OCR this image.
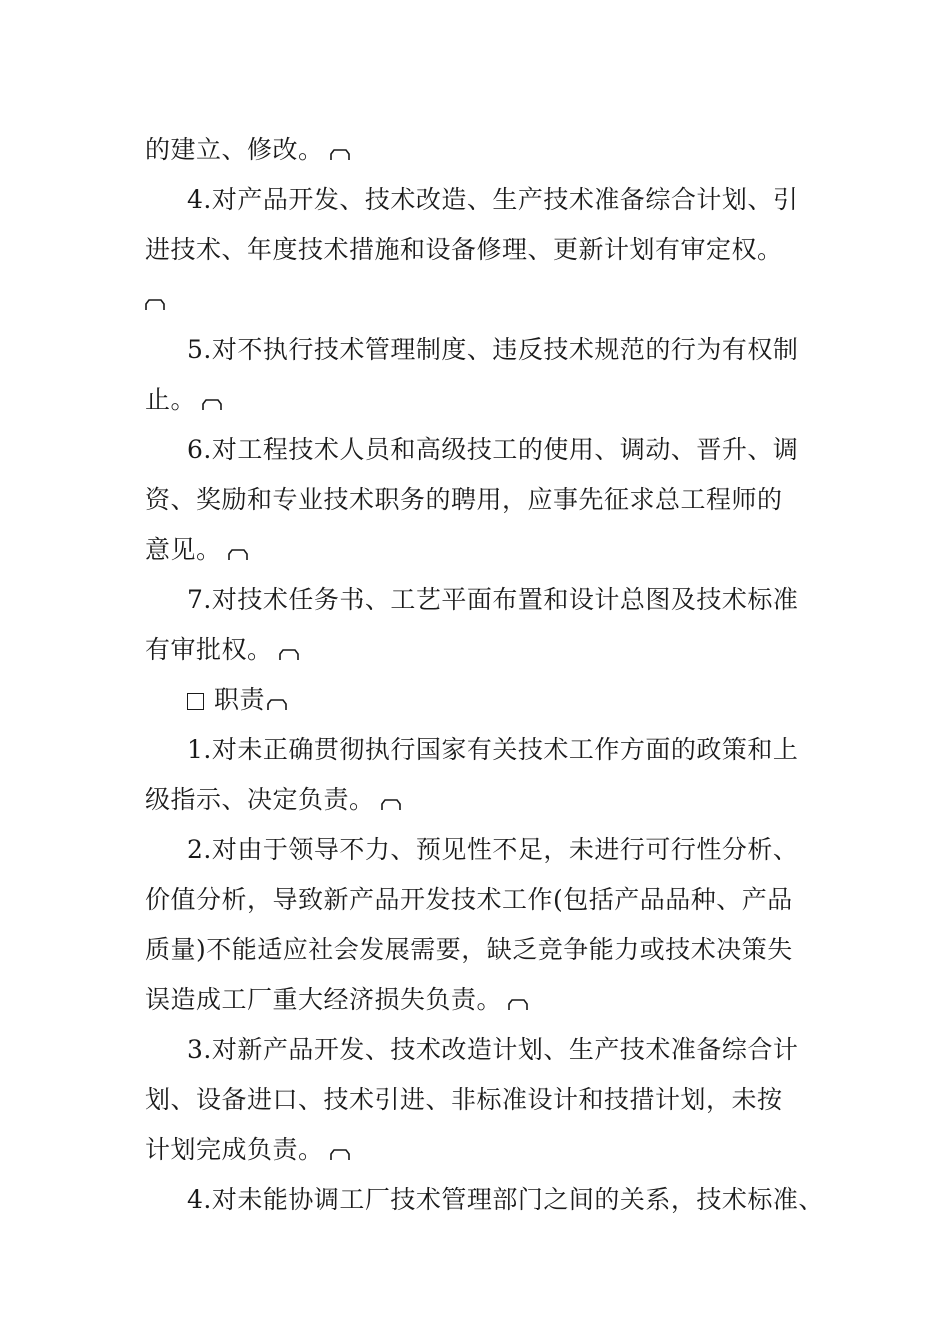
的建立、修改。
4.对产品开发、技术改造、生产技术准备综合计划、引
进技术、年度技术措施和设备修理、更新计划有审定权。
5.对不执行技术管理制度、违反技术规范的行为有权制
止。
6.对工程技术人员和高级技工的使用、调动、晋升、调
资、奖励和专业技术职务的聘用，应事先征求总工程师的
意见。
7.对技术任务书、工艺平面布置和设计总图及技术标准
有审批权。
职责
1.对未正确贯彻执行国家有关技术工作方面的政策和上
级指示、决定负责。
2.对由于领导不力、预见性不足，未进行可行性分析、
价值分析，导致新产品开发技术工作(包括产品品种、产品
质量)不能适应社会发展需要，缺乏竞争能力或技术决策失
误造成工厂重大经济损失负责。
3.对新产品开发、技术改造计划、生产技术准备综合计
划、设备进口、技术引进、非标准设计和技措计划，未按
计划完成负责。
4.对未能协调工厂技术管理部门之间的关系，技术标准、
